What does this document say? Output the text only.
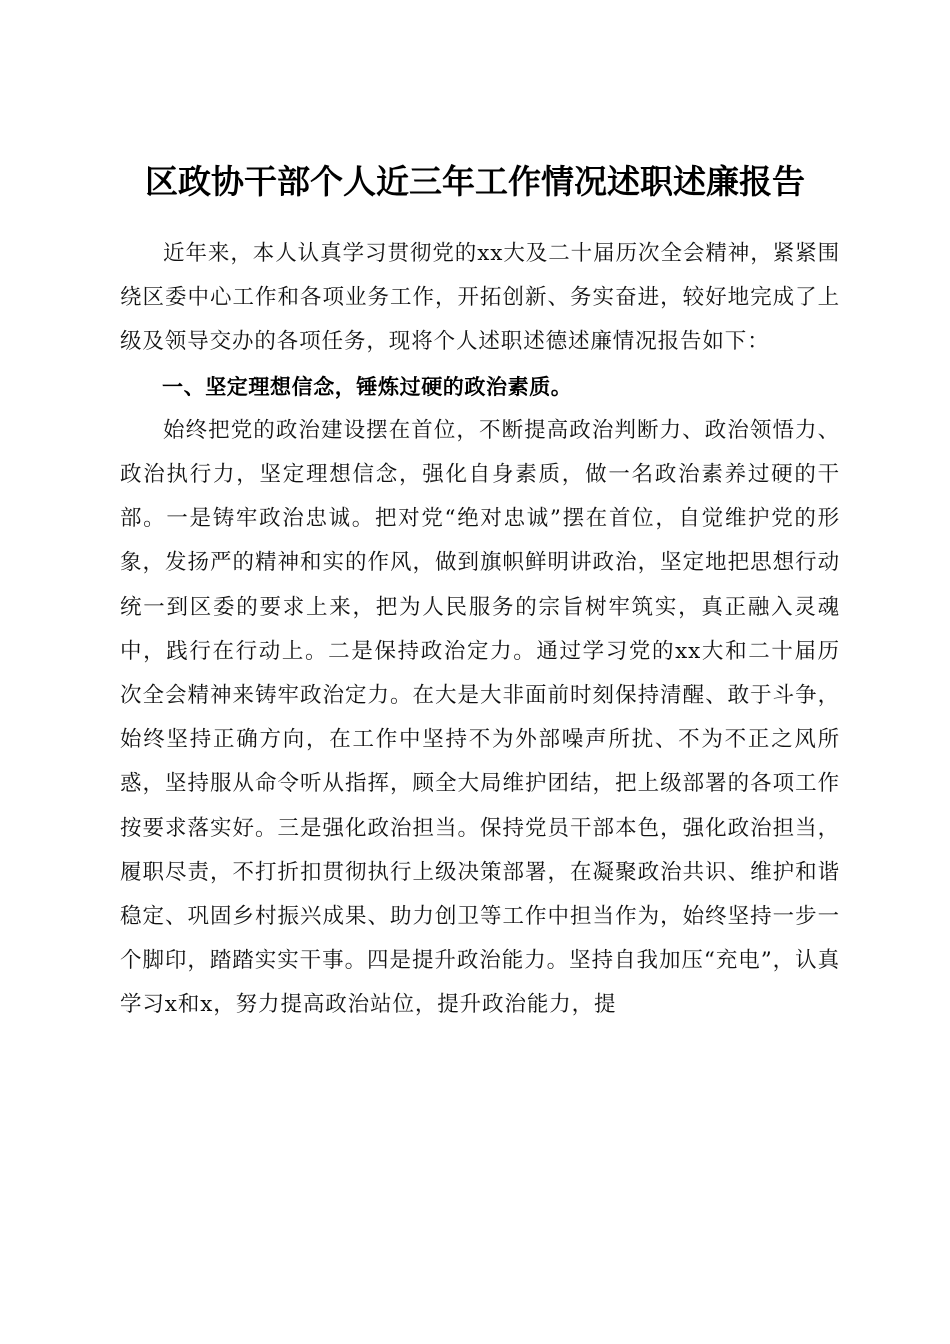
区政协干部个人近三年工作情况述职述廉报告

近年来，本人认真学习贯彻党的xx大及二十届历次全会精神，紧紧围绕区委中心工作和各项业务工作，开拓创新、务实奋进，较好地完成了上级及领导交办的各项任务，现将个人述职述德述廉情况报告如下：

一、坚定理想信念，锤炼过硬的政治素质。

始终把党的政治建设摆在首位，不断提高政治判断力、政治领悟力、政治执行力，坚定理想信念，强化自身素质，做一名政治素养过硬的干部。一是铸牢政治忠诚。把对党“绝对忠诚”摆在首位，自觉维护党的形象，发扬严的精神和实的作风，做到旗帜鲜明讲政治，坚定地把思想行动统一到区委的要求上来，把为人民服务的宗旨树牢筑实，真正融入灵魂中，践行在行动上。二是保持政治定力。通过学习党的xx大和二十届历次全会精神来铸牢政治定力。在大是大非面前时刻保持清醒、敢于斗争，始终坚持正确方向，在工作中坚持不为外部噪声所扰、不为不正之风所惑，坚持服从命令听从指挥，顾全大局维护团结，把上级部署的各项工作按要求落实好。三是强化政治担当。保持党员干部本色，强化政治担当，履职尽责，不打折扣贯彻执行上级决策部署，在凝聚政治共识、维护和谐稳定、巩固乡村振兴成果、助力创卫等工作中担当作为，始终坚持一步一个脚印，踏踏实实干事。四是提升政治能力。坚持自我加压“充电”，认真学习x和x，努力提高政治站位，提升政治能力，提
